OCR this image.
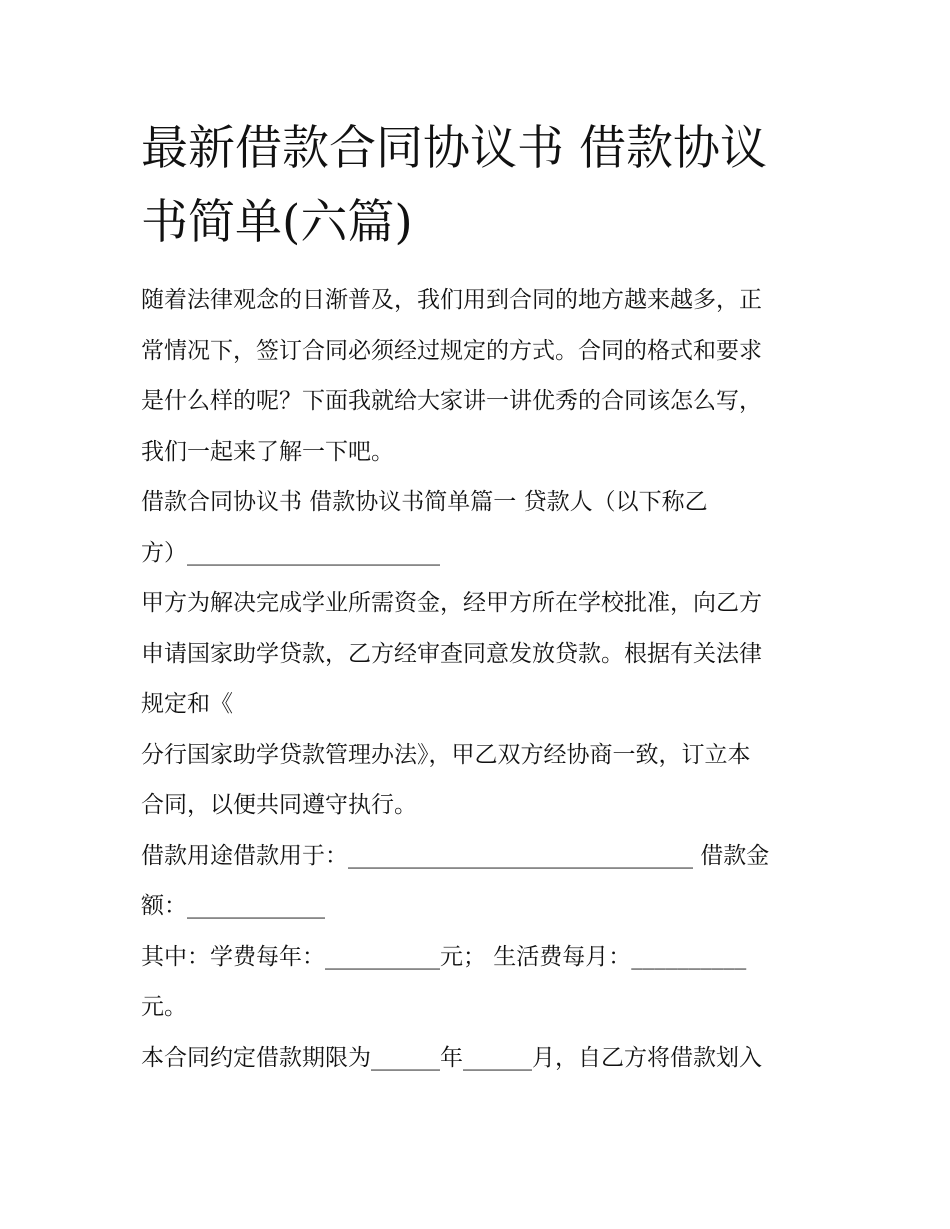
最新借款合同协议书 借款协议
书简单(六篇)

随着法律观念的日渐普及，我们用到合同的地方越来越多，正
常情况下，签订合同必须经过规定的方式。合同的格式和要求
是什么样的呢？下面我就给大家讲一讲优秀的合同该怎么写，
我们一起来了解一下吧。

借款合同协议书 借款协议书简单篇一 贷款人（以下称乙
方）______________________

甲方为解决完成学业所需资金，经甲方所在学校批准，向乙方
申请国家助学贷款，乙方经审查同意发放贷款。根据有关法律
规定和《

分行国家助学贷款管理办法》，甲乙双方经协商一致，订立本
合同，以便共同遵守执行。

借款用途借款用于：______________________________ 借款金
额：____________

其中：学费每年：__________元； 生活费每月：__________
元。

本合同约定借款期限为______年______月，自乙方将借款划入
